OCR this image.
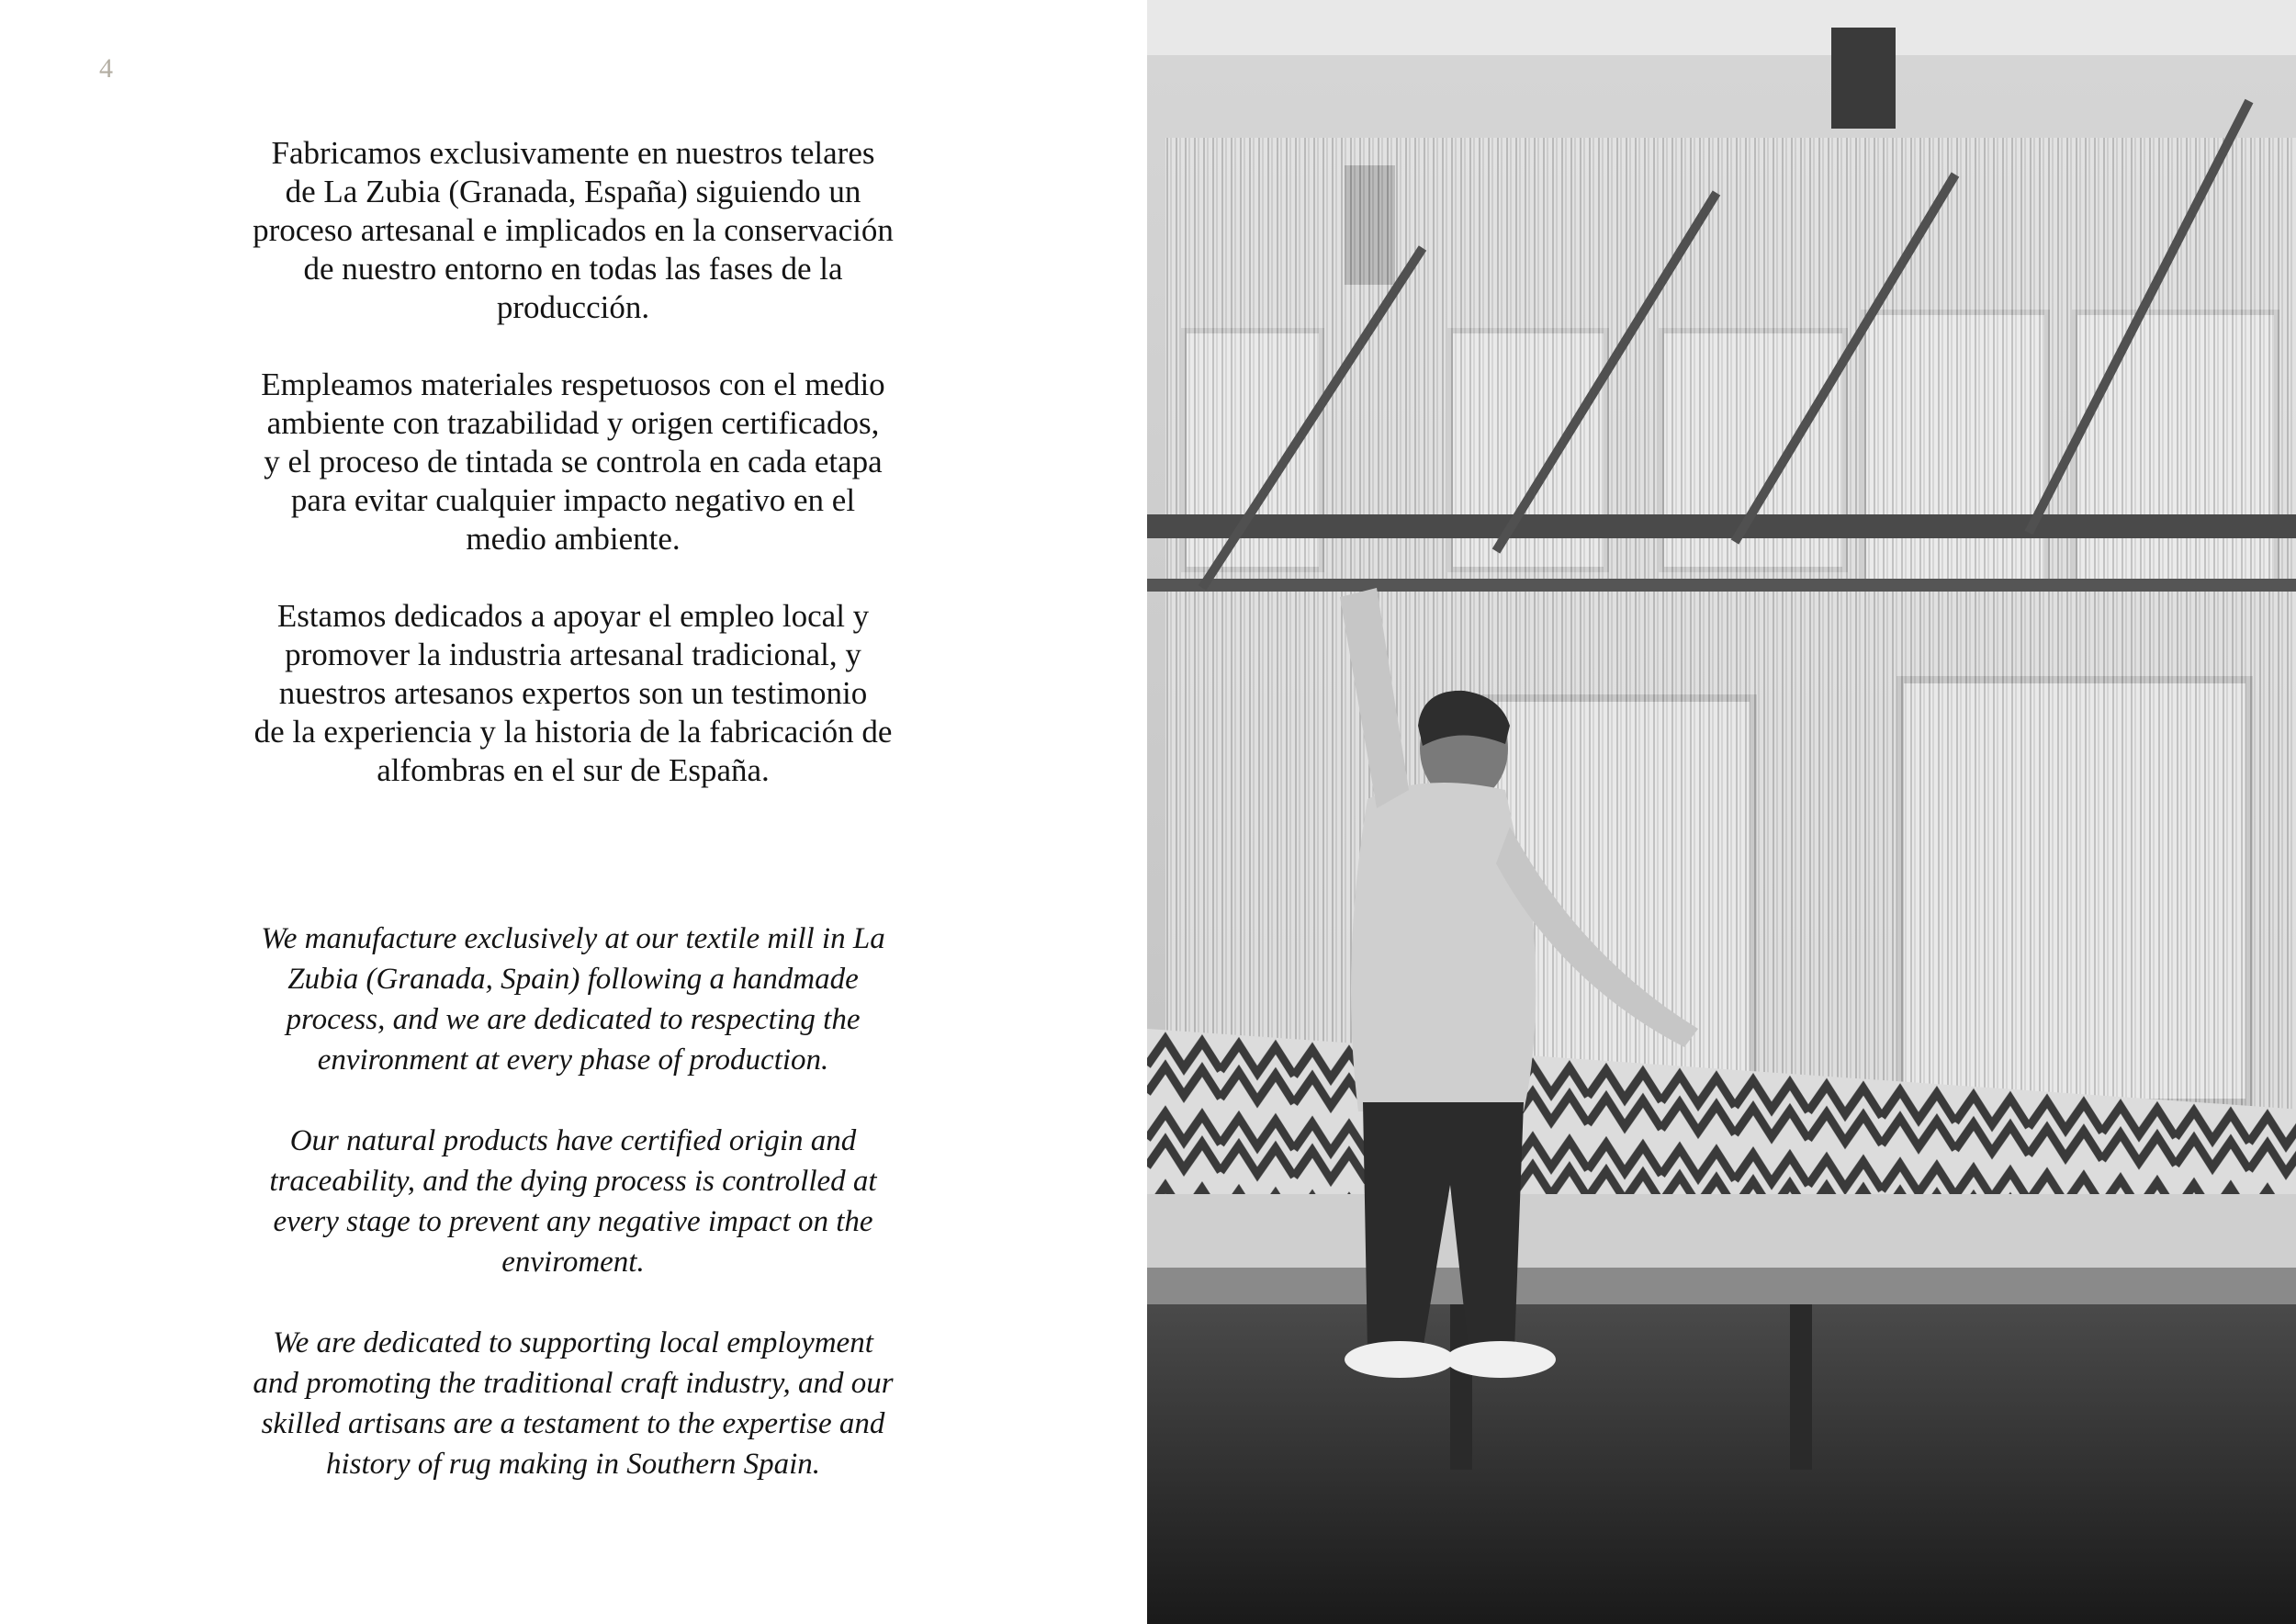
4

Fabricamos exclusivamente en nuestros telares
de La Zubia (Granada, España) siguiendo un
proceso artesanal e implicados en la conservación
de nuestro entorno en todas las fases de la
producción.

Empleamos materiales respetuosos con el medio
ambiente con trazabilidad y origen certificados,
y el proceso de tintada se controla en cada etapa
para evitar cualquier impacto negativo en el
medio ambiente.

Estamos dedicados a apoyar el empleo local y
promover la industria artesanal tradicional, y
nuestros artesanos expertos son un testimonio
de la experiencia y la historia de la fabricación de
alfombras en el sur de España.

We manufacture exclusively at our textile mill in La
Zubia (Granada, Spain) following a handmade
process, and we are dedicated to respecting the
environment at every phase of production.

Our natural products have certified origin and
traceability, and the dying process is controlled at
every stage to prevent any negative impact on the
enviroment.

We are dedicated to supporting local employment
and promoting the traditional craft industry, and our
skilled artisans are a testament to the expertise and
history of rug making in Southern Spain.
